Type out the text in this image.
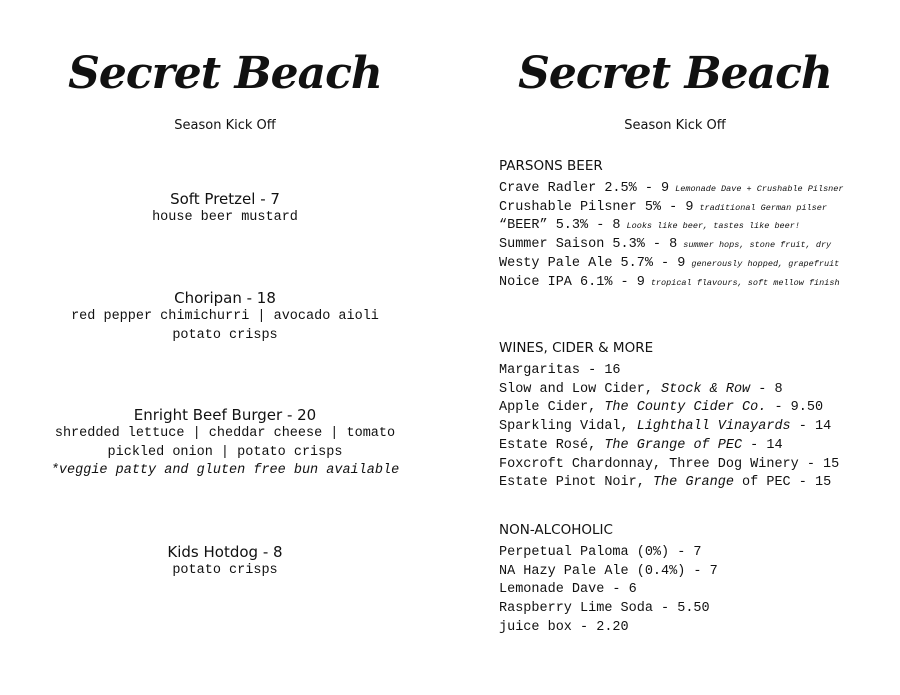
Secret Beach
Season Kick Off
Soft Pretzel - 7
house beer mustard
Choripan - 18
red pepper chimichurri | avocado aioli
potato crisps
Enright Beef Burger - 20
shredded lettuce | cheddar cheese | tomato
pickled onion | potato crisps
*veggie patty and gluten free bun available
Kids Hotdog - 8
potato crisps
Secret Beach
Season Kick Off
PARSONS BEER
Crave Radler 2.5% - 9 Lemonade Dave + Crushable Pilsner
Crushable Pilsner 5% - 9 traditional German pilser
“BEER” 5.3% - 8 Looks like beer, tastes like beer!
Summer Saison 5.3% - 8 summer hops, stone fruit, dry
Westy Pale Ale 5.7% - 9 generously hopped, grapefruit
Noice IPA 6.1% - 9 tropical flavours, soft mellow finish
WINES, CIDER & MORE
Margaritas - 16
Slow and Low Cider, Stock & Row - 8
Apple Cider, The County Cider Co. - 9.50
Sparkling Vidal, Lighthall Vinayards - 14
Estate Rosé, The Grange of PEC - 14
Foxcroft Chardonnay, Three Dog Winery - 15
Estate Pinot Noir, The Grange of PEC - 15
NON-ALCOHOLIC
Perpetual Paloma (0%) - 7
NA Hazy Pale Ale (0.4%) - 7
Lemonade Dave - 6
Raspberry Lime Soda - 5.50
juice box - 2.20
